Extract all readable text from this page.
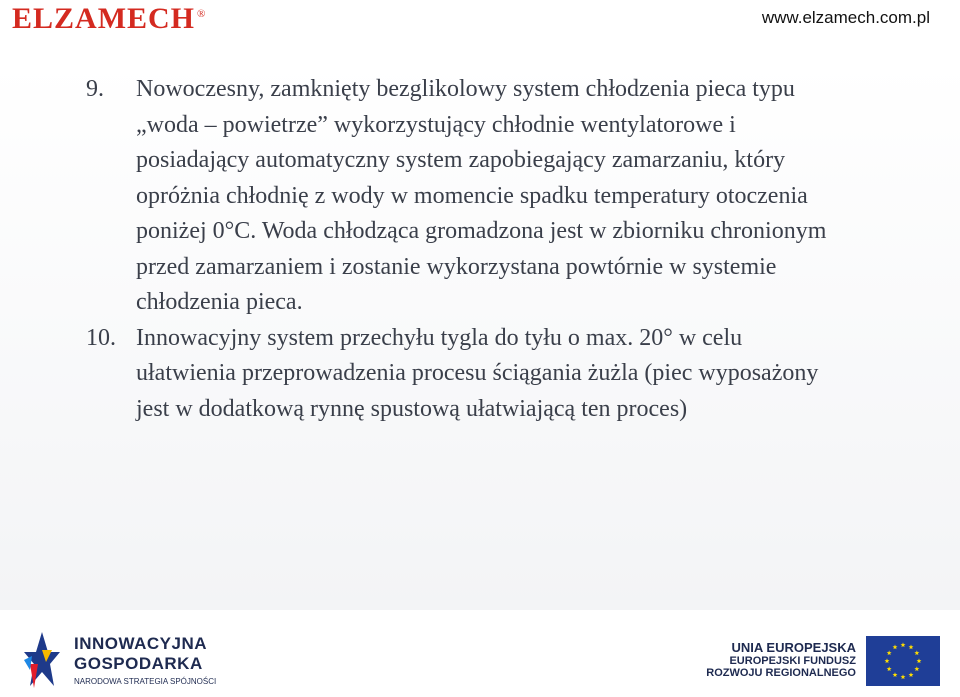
ELZAMECH ®	www.elzamech.com.pl
9. Nowoczesny, zamknięty bezglikolowy system chłodzenia pieca typu „woda – powietrze” wykorzystujący chłodnie wentylatorowe i posiadający automatyczny system zapobiegający zamarzaniu, który opróżnia chłodnię z wody w momencie spadku temperatury otoczenia poniżej 0°C. Woda chłodząca gromadzona jest w zbiorniku chronionym przed zamarzaniem i zostanie wykorzystana powtórnie w systemie chłodzenia pieca.
10. Innowacyjny system przechyłu tygla do tyłu o max. 20° w celu ułatwienia przeprowadzenia procesu ściągania żużla (piec wyposażony jest w dodatkową rynnę spustową ułatwiającą ten proces)
INNOWACYJNA
GOSPODARKA
NARODOWA STRATEGIA SPÓJNOŚCI
UNIA EUROPEJSKA
EUROPEJSKI FUNDUSZ
ROZWOJU REGIONALNEGO
